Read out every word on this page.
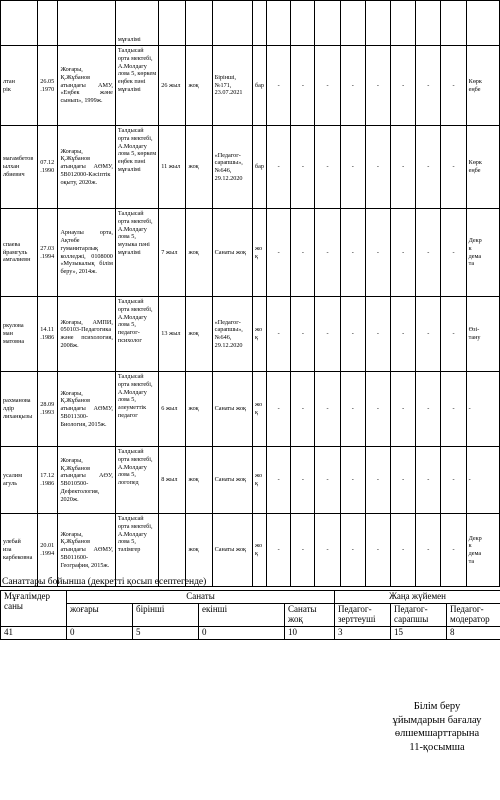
			мұғалімі													
лтан
рік	26.05
.1970	Жоғары, Қ.Жұбанов атындағы АМУ, «Еңбек және сынып», 1999ж.	Талдысай орта мектебі, А.Молдагу лова 5, көркем еңбек пәні мұғалімі	26 жыл	жоқ	Бірінші, №171, 23.07.2021	бар	-	-	-	-	-	-	-	-	Көрк
еңбе
магамбетов
ылхан
лбиевич	07.12
.1990	Жоғары, Қ.Жұбанов атындағы АӨМУ, 5В012000-Кәсіптік оқыту, 2020ж.	Талдысай орта мектебі, А.Молдагу лова 5, көркем еңбек пәні мұғалімі	11 жыл	жоқ	«Педагог-сарапшы», №646, 29.12.2020	бар	-	-	-	-	-	-	-	-	Көрк
еңбе
спаева
йрамгуль
амгалиевн	27.03
.1994	Арнаулы орта, Ақтөбе гуманитарлық колледжі, 0108000 «Музыкалық білім беру», 2014ж.	Талдысай орта мектебі, А.Молдагу лова 5, музыка пәні мұғалімі	7 жыл	жоқ	Санаты жоқ	жоқ	-	-	-	-	-	-	-	-	Декр
к
дема
та
ркулова
ман
матовна	14.11
.1986	Жоғары, АМПИ, 050103-Педагогика және психология, 2008ж.	Талдысай орта мектебі, А.Молдагу лова 5, педагог-психолог	13 жыл	жоқ	«Педагог-сарапшы», №646, 29.12.2020	жоқ	-	-	-	-	-	-	-	-	Өзі-
тану
рахманова
лдір
лиханқызы	28.09
.1993	Жоғары, Қ.Жұбанов атындағы АӨМУ, 5В011300-Биология, 2015ж.	Талдысай орта мектебі, А.Молдагу лова 5, әлеуметтік педагог	6 жыл	жоқ	Санаты жоқ	жоқ	-	-	-	-	-	-	-	-	-
усалим
агуль	17.12
.1986	Жоғары, Қ.Жұбанов атындағы АӨУ, 5В010500-Дефектология, 2020ж.	Талдысай орта мектебі, А.Молдагу лова 5, логопед	8 жыл	жоқ	Санаты жоқ	жоқ	-	-	-	-	-	-	-	-	-
улебай
иза
карбековна	20.01
.1994	Жоғары, Қ.Жұбанов атындағы АӨМУ, 5В011600-География, 2015ж.	Талдысай орта мектебі, А.Молдагу лова 5, тәлімгер		жоқ	Санаты жоқ	жоқ	-	-	-	-	-	-	-	-	Декр
к
дема
та
Санаттары бойынша (декретті қосып есептегенде)
Мұғалімдер саны	Санаты				Жаңа жүйемен		
	жоғары	бірінші	екінші	Санаты жоқ	Педагог-зерттеуші	Педагог-сарапшы	Педагог-модератор
41	0	5	0	10	3	15	8
Білім беру
ұйымдарын бағалау
өлшемшарттарына
11-қосымша
